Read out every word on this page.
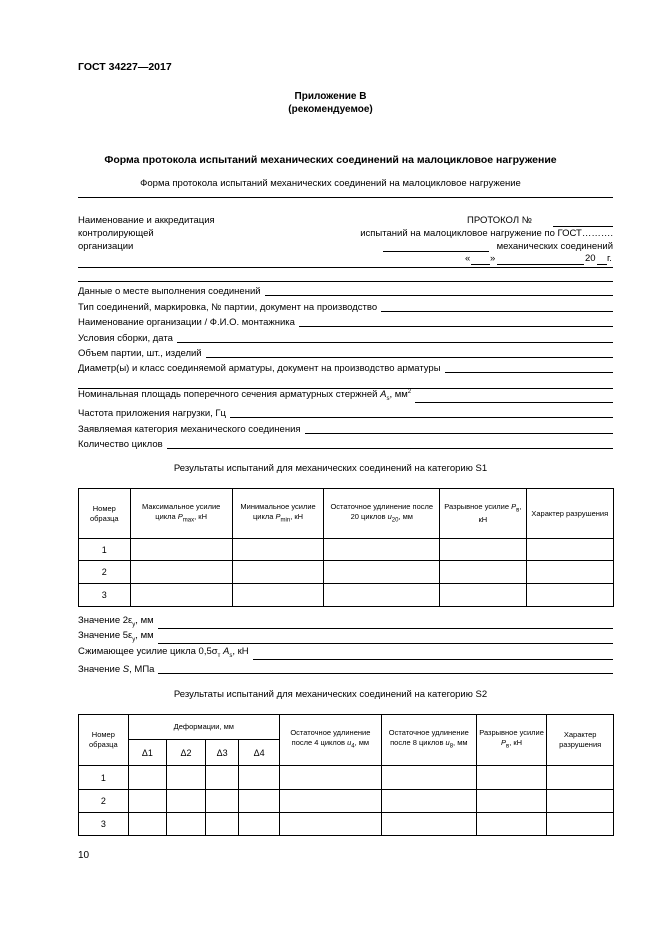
ГОСТ 34227—2017
Приложение В
(рекомендуемое)
Форма протокола испытаний механических соединений на малоцикловое нагружение
Форма протокола испытаний механических соединений на малоцикловое нагружение
Наименование и аккредитация
контролирующей
организации
ПРОТОКОЛ №
испытаний на малоцикловое нагружение по ГОСТ……….
механических соединений
« »	20 г.
Данные о месте выполнения соединений
Тип соединений, маркировка, № партии, документ на производство
Наименование организации / Ф.И.О. монтажника
Условия сборки, дата
Объем партии, шт., изделий
Диаметр(ы) и класс соединяемой арматуры, документ на производство арматуры
Номинальная площадь поперечного сечения арматурных стержней $A_s$, $мм^2$
Частота приложения нагрузки, Гц
Заявляемая категория механического соединения
Количество циклов
Результаты испытаний для механических соединений на категорию S1
Номер образца	Максимальное усилие цикла $P_{max}$, кН	Минимальное усилие цикла $P_{min}$, кН	Остаточное удлинение после 20 циклов $u_{20}$, мм	Разрывное усилие $P_в$, кН	Характер разрушения
1					
2					
3					
Значение $2\varepsilon_у$, мм
Значение $5\varepsilon_у$, мм
Сжимающее усилие цикла $0,5\sigma_т$ $A_s$, кН
Значение S, МПа
Результаты испытаний для механических соединений на категорию S2
Номер образца	Деформации, мм				Остаточное удлинение после 4 циклов $u_4$, мм	Остаточное удлинение после 8 циклов $u_8$, мм	Разрывное усилие $P_в$, кН	Характер разрушения
	Δ1	Δ2	Δ3	Δ4				
1								
2								
3								
10
